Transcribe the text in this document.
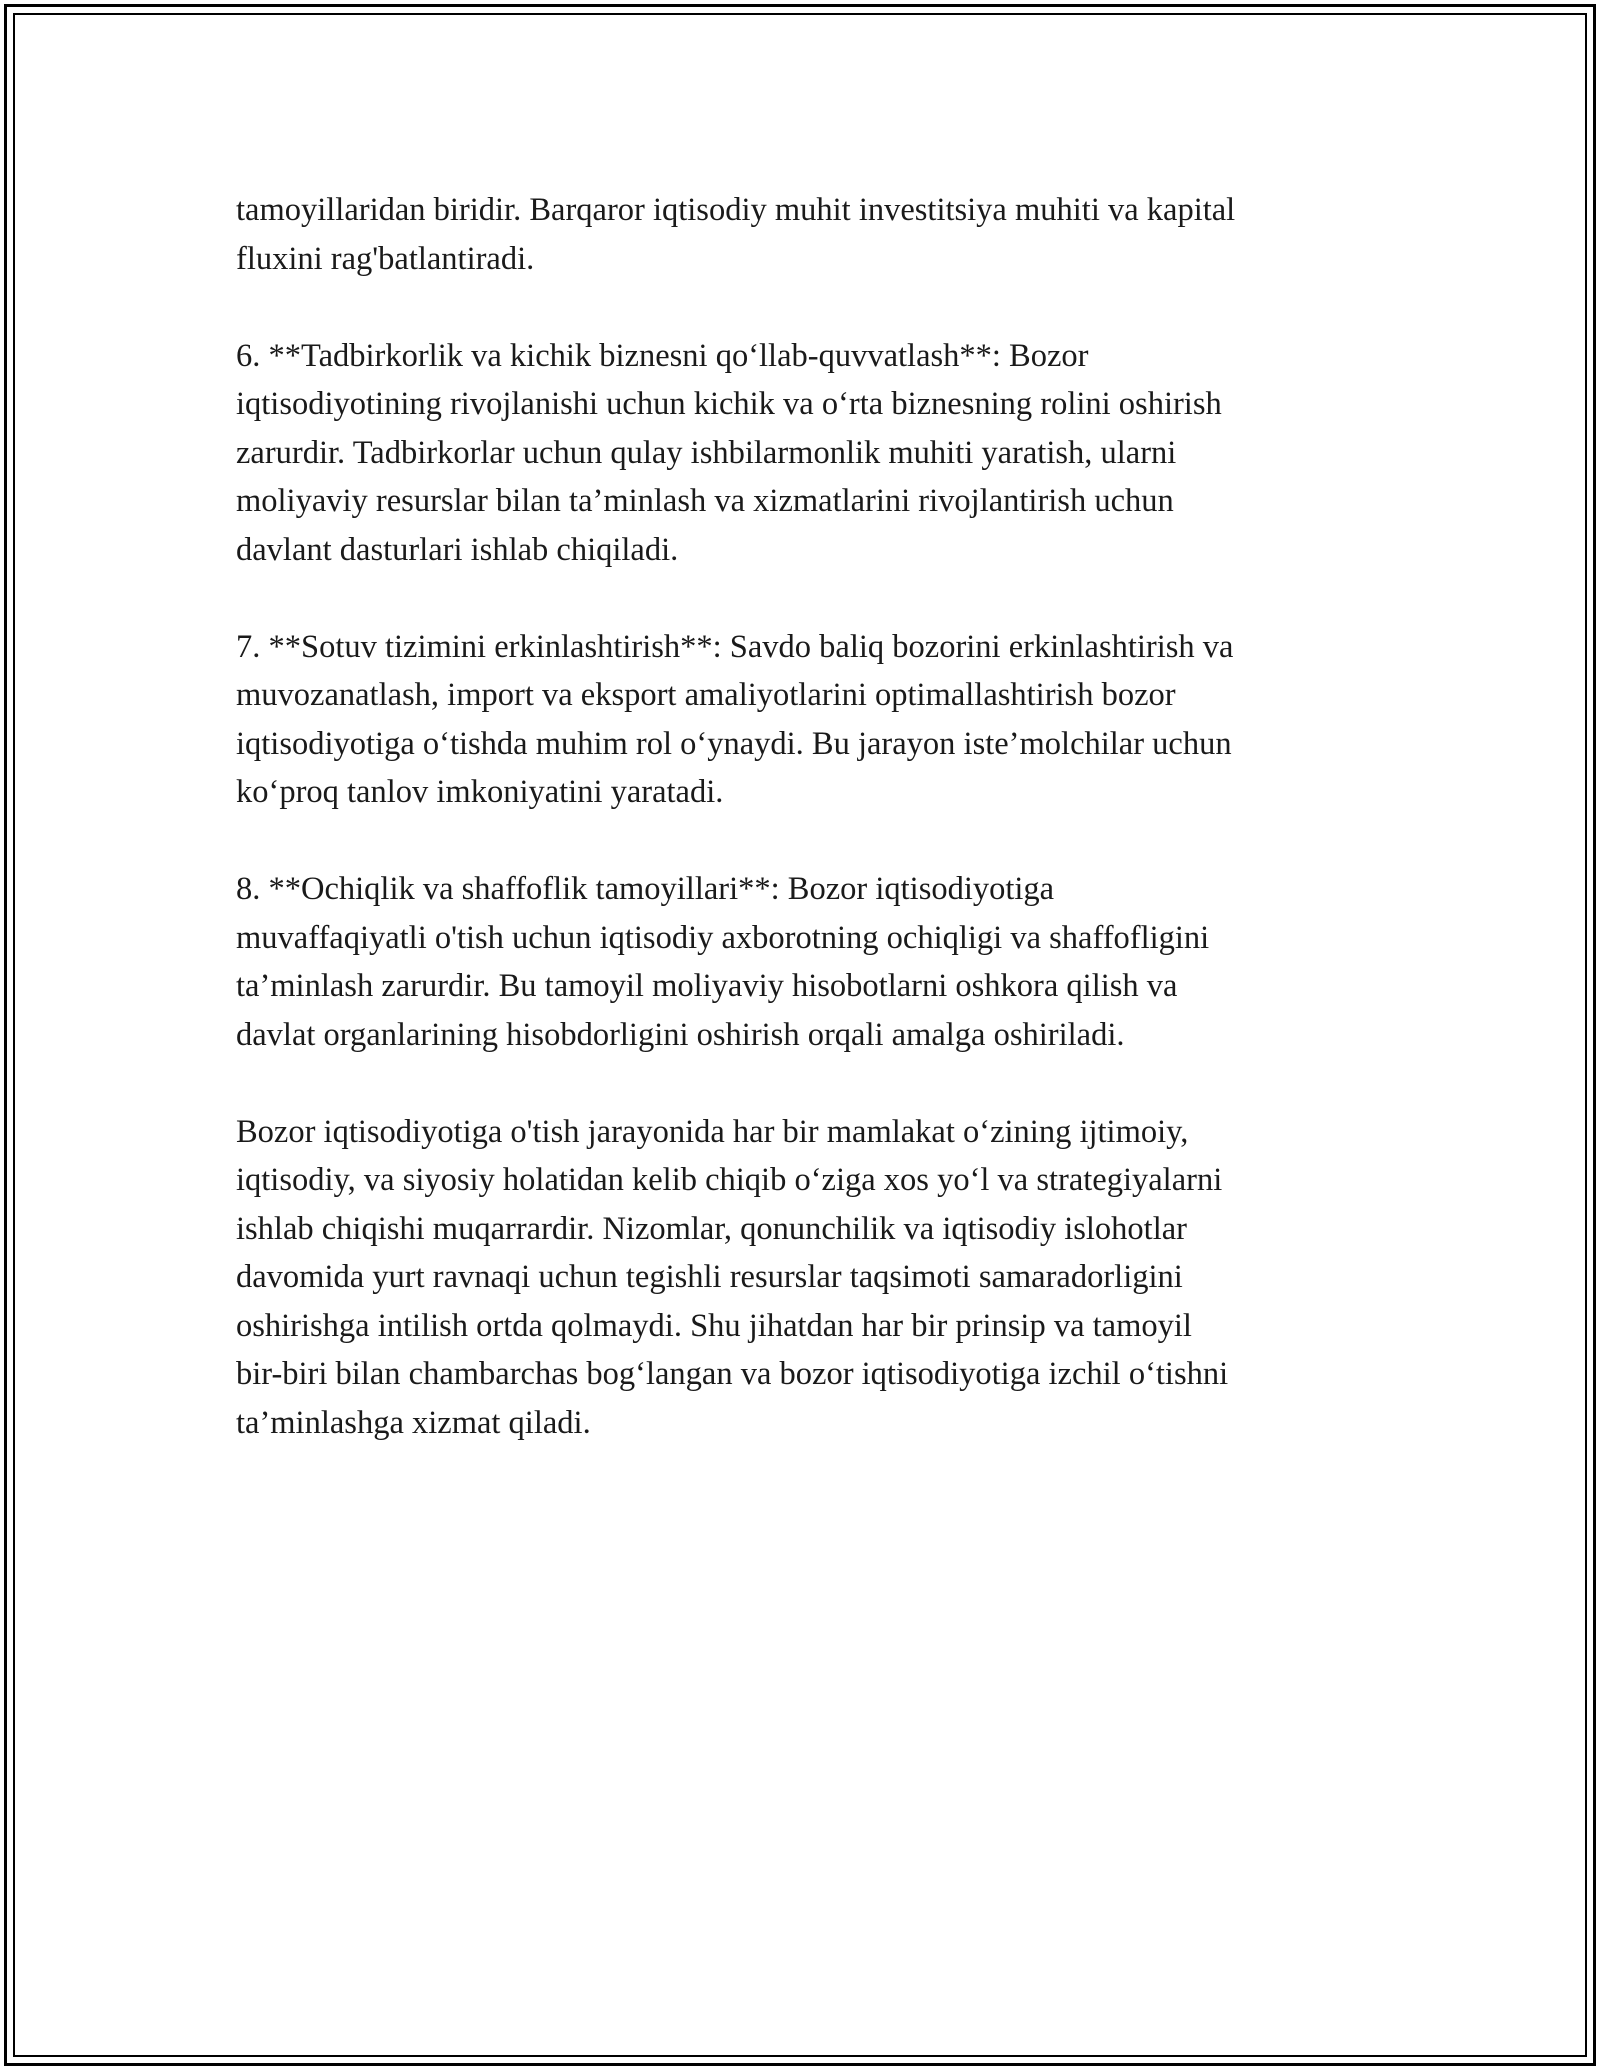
tamoyillaridan biridir. Barqaror iqtisodiy muhit investitsiya muhiti va kapital
fluxini rag'batlantiradi.

6. **Tadbirkorlik va kichik biznesni qo‘llab-quvvatlash**: Bozor
iqtisodiyotining rivojlanishi uchun kichik va o‘rta biznesning rolini oshirish
zarurdir. Tadbirkorlar uchun qulay ishbilarmonlik muhiti yaratish, ularni
moliyaviy resurslar bilan ta’minlash va xizmatlarini rivojlantirish uchun
davlant dasturlari ishlab chiqiladi.

7. **Sotuv tizimini erkinlashtirish**: Savdo baliq bozorini erkinlashtirish va
muvozanatlash, import va eksport amaliyotlarini optimallashtirish bozor
iqtisodiyotiga o‘tishda muhim rol o‘ynaydi. Bu jarayon iste’molchilar uchun
ko‘proq tanlov imkoniyatini yaratadi.

8. **Ochiqlik va shaffoflik tamoyillari**: Bozor iqtisodiyotiga
muvaffaqiyatli o'tish uchun iqtisodiy axborotning ochiqligi va shaffofligini
ta’minlash zarurdir. Bu tamoyil moliyaviy hisobotlarni oshkora qilish va
davlat organlarining hisobdorligini oshirish orqali amalga oshiriladi.

Bozor iqtisodiyotiga o'tish jarayonida har bir mamlakat o‘zining ijtimoiy,
iqtisodiy, va siyosiy holatidan kelib chiqib o‘ziga xos yo‘l va strategiyalarni
ishlab chiqishi muqarrardir. Nizomlar, qonunchilik va iqtisodiy islohotlar
davomida yurt ravnaqi uchun tegishli resurslar taqsimoti samaradorligini
oshirishga intilish ortda qolmaydi. Shu jihatdan har bir prinsip va tamoyil
bir-biri bilan chambarchas bog‘langan va bozor iqtisodiyotiga izchil o‘tishni
ta’minlashga xizmat qiladi.
